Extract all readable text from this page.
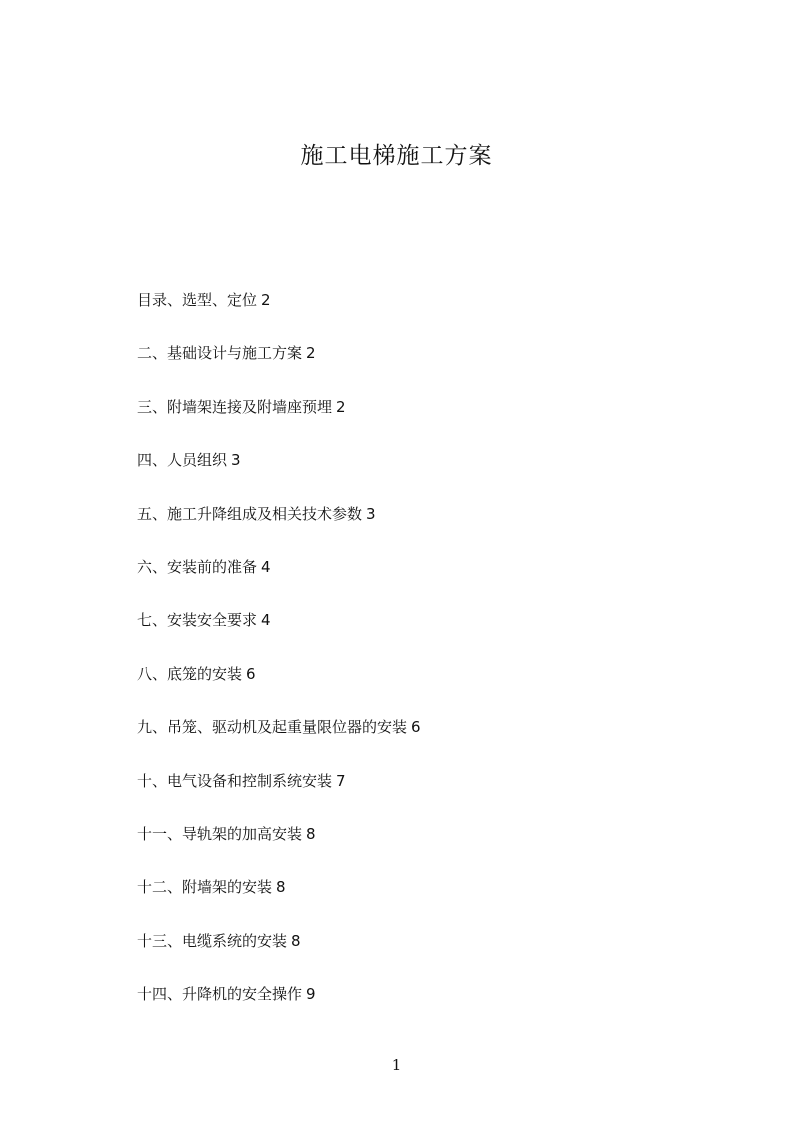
施工电梯施工方案
目录、选型、定位 2
二、基础设计与施工方案 2
三、附墙架连接及附墙座预埋 2
四、人员组织 3
五、施工升降组成及相关技术参数 3
六、安装前的准备 4
七、安装安全要求 4
八、底笼的安装 6
九、吊笼、驱动机及起重量限位器的安装 6
十、电气设备和控制系统安装 7
十一、导轨架的加高安装 8
十二、附墙架的安装 8
十三、电缆系统的安装 8
十四、升降机的安全操作 9
1
